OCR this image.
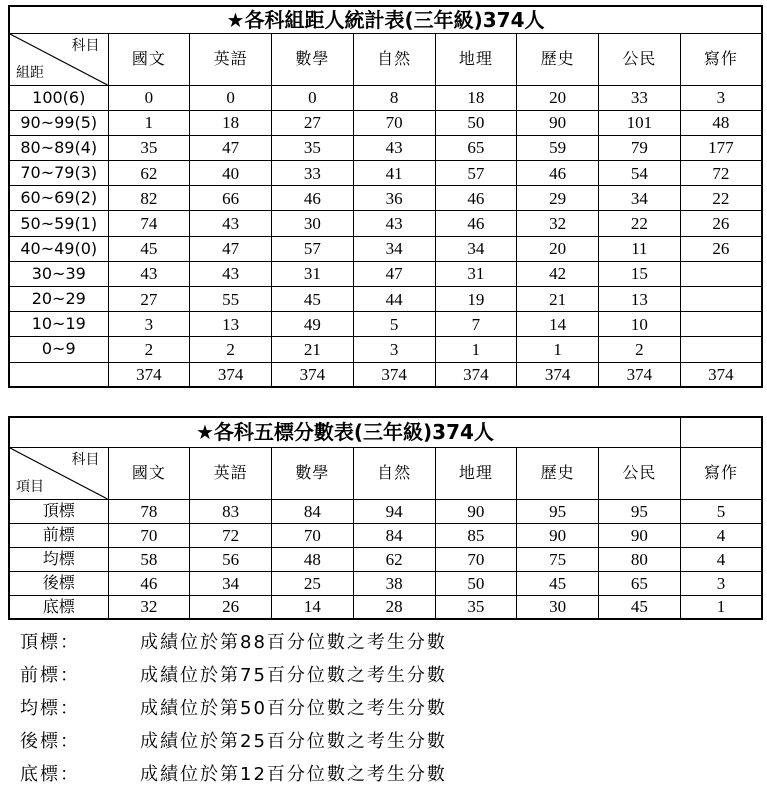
★各科組距人統計表(三年級)374人								

科目
組距	國文	英語	數學	自然	地理	歷史	公民	寫作
100(6)	0	0	0	8	18	20	33	3
90~99(5)	1	18	27	70	50	90	101	48
80~89(4)	35	47	35	43	65	59	79	177
70~79(3)	62	40	33	41	57	46	54	72
60~69(2)	82	66	46	36	46	29	34	22
50~59(1)	74	43	30	43	46	32	22	26
40~49(0)	45	47	57	34	34	20	11	26
30~39	43	43	31	47	31	42	15	
20~29	27	55	45	44	19	21	13	
10~19	3	13	49	5	7	14	10	
0~9	2	2	21	3	1	1	2	
	374	374	374	374	374	374	374	374
★各科五標分數表(三年級)374人								

科目
項目	國文	英語	數學	自然	地理	歷史	公民	寫作
頂標	78	83	84	94	90	95	95	5
前標	70	72	70	84	85	90	90	4
均標	58	56	48	62	70	75	80	4
後標	46	34	25	38	50	45	65	3
底標	32	26	14	28	35	30	45	1
頂標：	成績位於第88百分位數之考生分數
前標：	成績位於第75百分位數之考生分數
均標：	成績位於第50百分位數之考生分數
後標：	成績位於第25百分位數之考生分數
底標：	成績位於第12百分位數之考生分數
